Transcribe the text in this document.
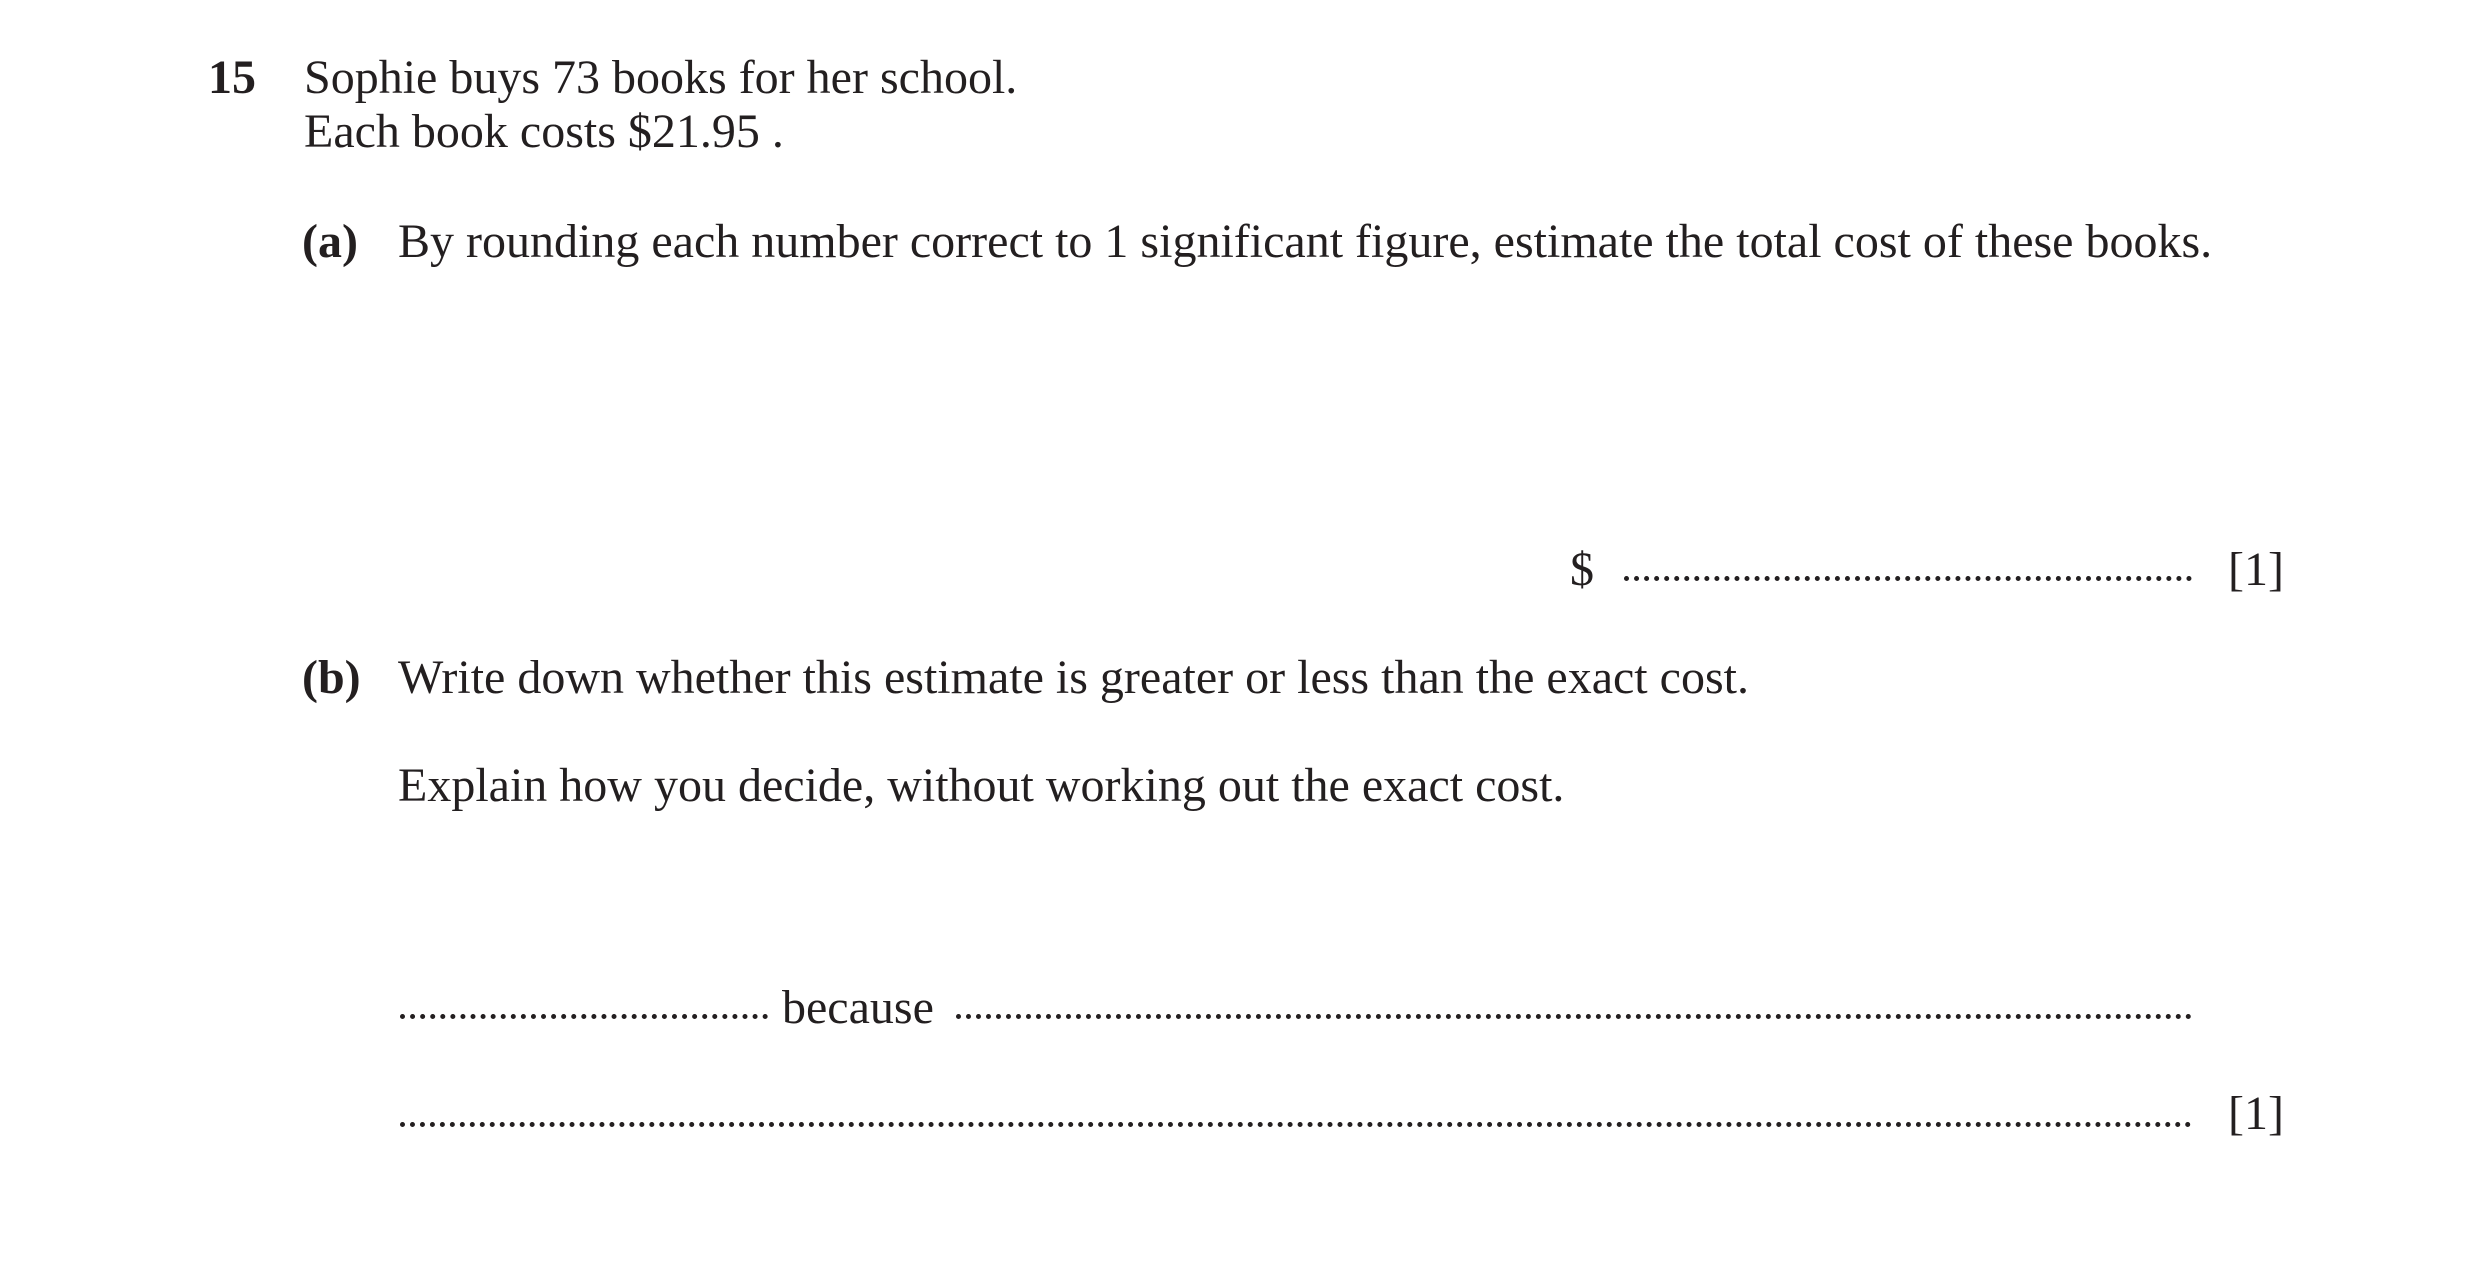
15 Sophie buys 73 books for her school.
Each book costs $21.95 .
(a) By rounding each number correct to 1 significant figure, estimate the total cost of these books.
$	[1]
(b) Write down whether this estimate is greater or less than the exact cost.
Explain how you decide, without working out the exact cost.
because
[1]
